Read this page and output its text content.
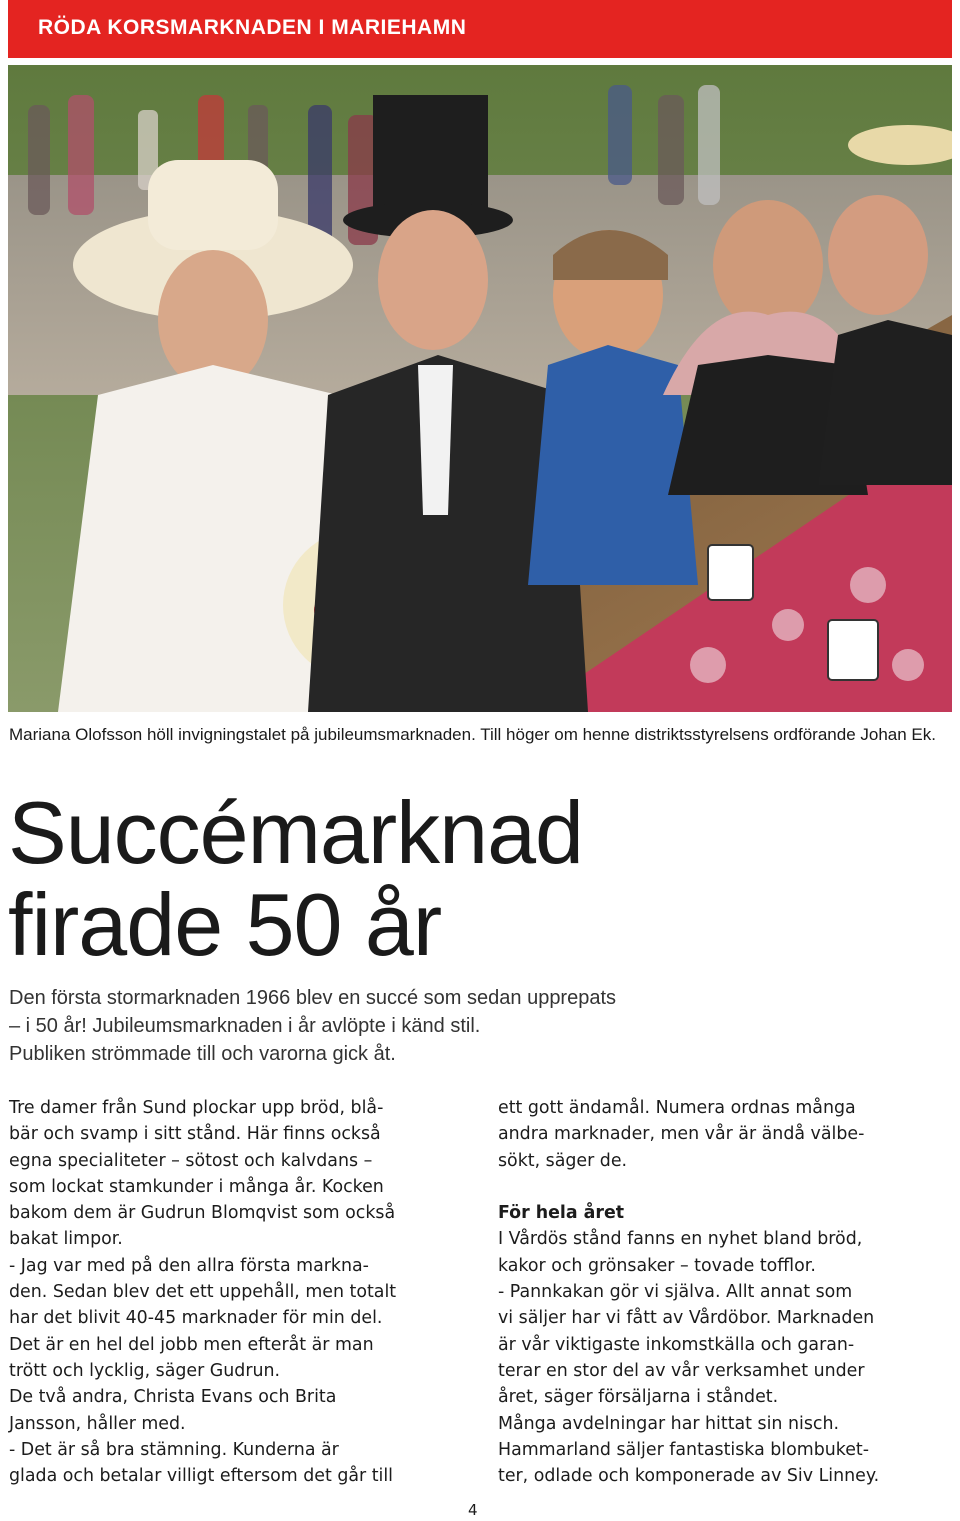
RÖDA KORSMARKNADEN I MARIEHAMN

Mariana Olofsson höll invigningstalet på jubileumsmarknaden. Till höger om henne distriktsstyrelsens ordförande Johan Ek.

Succémarknad
firade 50 år

Den första stormarknaden 1966 blev en succé som sedan upprepats
– i 50 år! Jubileumsmarknaden i år avlöpte i känd stil.
Publiken strömmade till och varorna gick åt.

Tre damer från Sund plockar upp bröd, blå-
bär och svamp i sitt stånd. Här finns också
egna specialiteter – sötost och kalvdans –
som lockat stamkunder i många år. Kocken
bakom dem är Gudrun Blomqvist som också
bakat limpor.
- Jag var med på den allra första markna-
den. Sedan blev det ett uppehåll, men totalt
har det blivit 40-45 marknader för min del.
Det är en hel del jobb men efteråt är man
trött och lycklig, säger Gudrun.
De två andra, Christa Evans och Brita
Jansson, håller med.
- Det är så bra stämning. Kunderna är
glada och betalar villigt eftersom det går till
ett gott ändamål. Numera ordnas många
andra marknader, men vår är ändå välbe-
sökt, säger de.
För hela året
I Vårdös stånd fanns en nyhet bland bröd,
kakor och grönsaker – tovade tofflor.
- Pannkakan gör vi själva. Allt annat som
vi säljer har vi fått av Vårdöbor. Marknaden
är vår viktigaste inkomstkälla och garan-
terar en stor del av vår verksamhet under
året, säger försäljarna i ståndet.
Många avdelningar har hittat sin nisch.
Hammarland säljer fantastiska blombuket-
ter, odlade och komponerade av Siv Linney.

4
